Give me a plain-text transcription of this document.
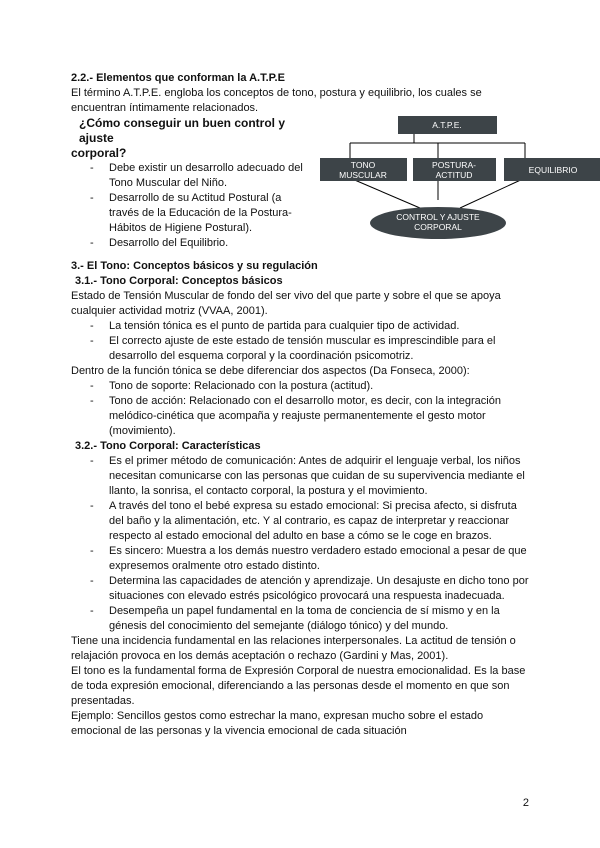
2.2.- Elementos que conforman la A.T.P.E

El término A.T.P.E. engloba los conceptos de tono, postura y equilibrio, los cuales se encuentran íntimamente relacionados.

¿Cómo conseguir un buen control y ajuste
corporal?

- Debe existir un desarrollo adecuado del Tono Muscular del Niño.
- Desarrollo de su Actitud Postural (a través de la Educación de la Postura-Hábitos de Higiene Postural).
- Desarrollo del Equilibrio.

3.- El Tono: Conceptos básicos y su regulación

3.1.- Tono Corporal: Conceptos básicos

Estado de Tensión Muscular de fondo del ser vivo del que parte y sobre el que se apoya cualquier actividad motriz (VVAA, 2001).

- La tensión tónica es el punto de partida para cualquier tipo de actividad.
- El correcto ajuste de este estado de tensión muscular es imprescindible para el desarrollo del esquema corporal y la coordinación psicomotriz.

Dentro de la función tónica se debe diferenciar dos aspectos (Da Fonseca, 2000):

- Tono de soporte: Relacionado con la postura (actitud).
- Tono de acción: Relacionado con el desarrollo motor, es decir, con la integración melódico-cinética que acompaña y reajuste permanentemente el gesto motor (movimiento).

3.2.- Tono Corporal: Características

- Es el primer método de comunicación: Antes de adquirir el lenguaje verbal, los niños necesitan comunicarse con las personas que cuidan de su supervivencia mediante el llanto, la sonrisa, el contacto corporal, la postura y el movimiento.
- A través del tono el bebé expresa su estado emocional: Si precisa afecto, si disfruta del baño y la alimentación, etc. Y al contrario, es capaz de interpretar y reaccionar respecto al estado emocional del adulto en base a cómo se le coge en brazos.
- Es sincero: Muestra a los demás nuestro verdadero estado emocional a pesar de que expresemos oralmente otro estado distinto.
- Determina las capacidades de atención y aprendizaje. Un desajuste en dicho tono por situaciones con elevado estrés psicológico provocará una respuesta inadecuada.
- Desempeña un papel fundamental en la toma de conciencia de sí mismo y en la génesis del conocimiento del semejante (diálogo tónico) y del mundo.

Tiene una incidencia fundamental en las relaciones interpersonales. La actitud de tensión o relajación provoca en los demás aceptación o rechazo (Gardini y Mas, 2001).

El tono es la fundamental forma de Expresión Corporal de nuestra emocionalidad. Es la base de toda expresión emocional, diferenciando a las personas desde el momento en que son presentadas.

Ejemplo: Sencillos gestos como estrechar la mano, expresan mucho sobre el estado emocional de las personas y la vivencia emocional de cada situación

A.T.P.E.
TONO
MUSCULAR
POSTURA-
ACTITUD	EQUILIBRIO
CONTROL Y AJUSTE
CORPORAL
2
